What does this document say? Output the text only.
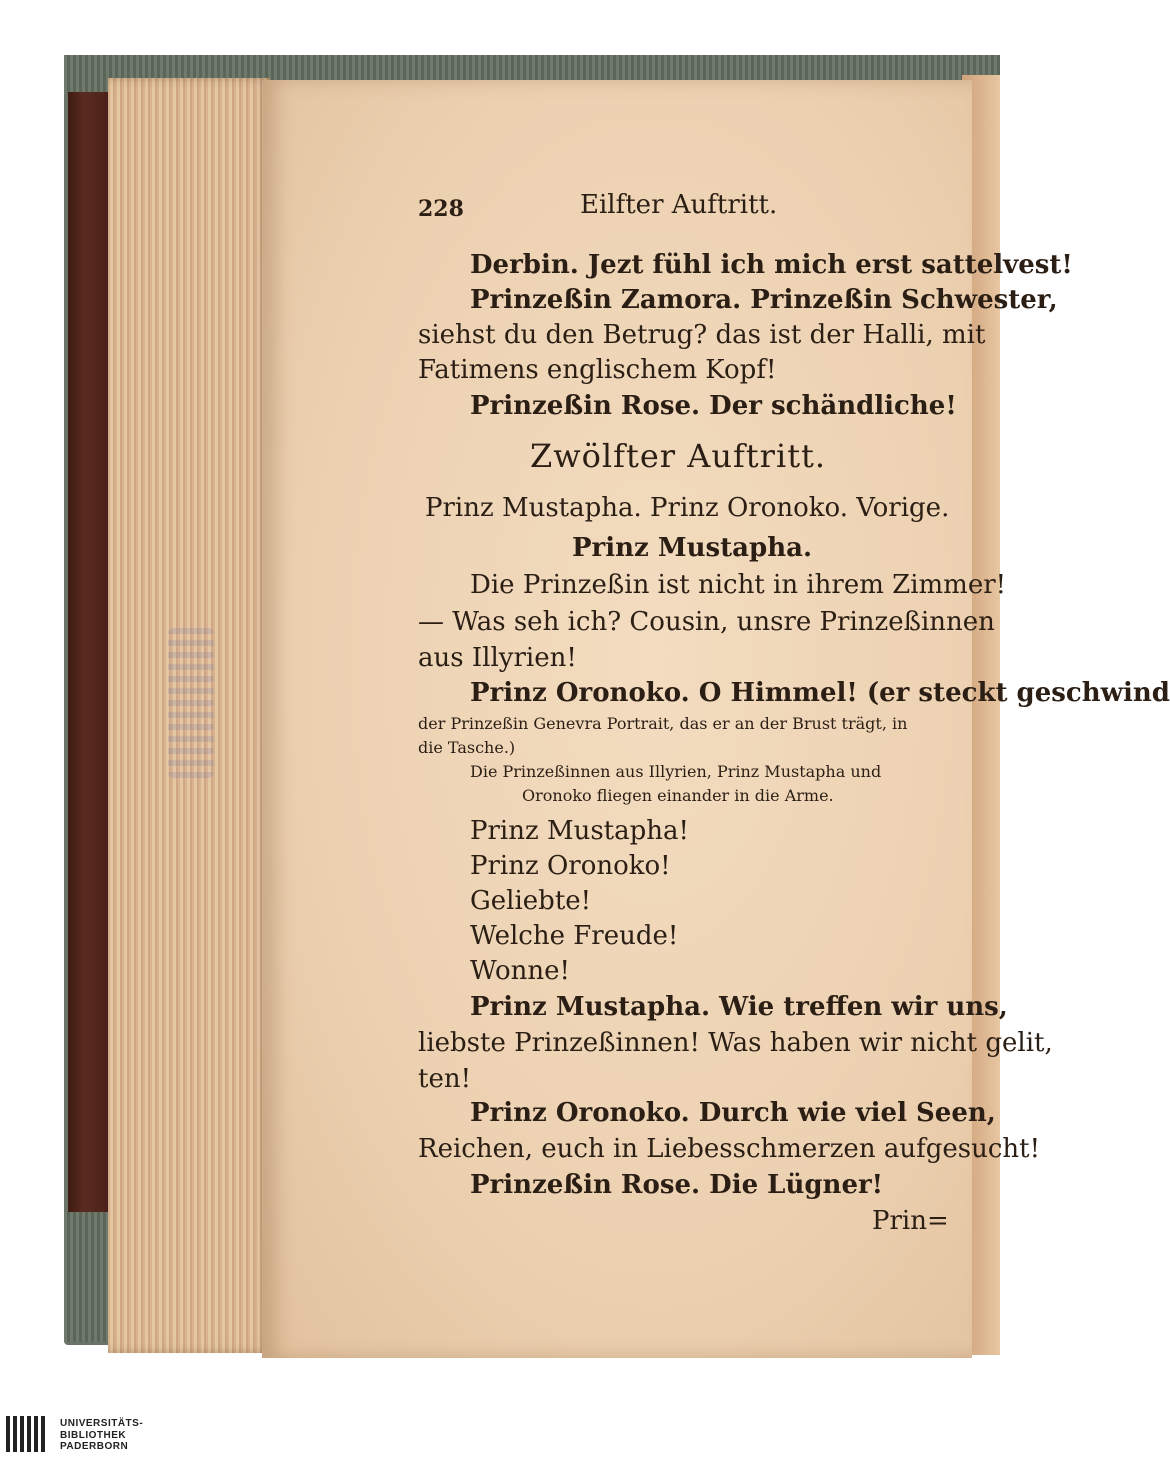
228	Eilfter Auftritt.
Derbin. Jezt fühl ich mich erst sattelvest!
Prinzeßin Zamora. Prinzeßin Schwester,
siehst du den Betrug? das ist der Halli, mit
Fatimens englischem Kopf!
Prinzeßin Rose. Der schändliche!
Zwölfter Auftritt.
Prinz Mustapha. Prinz Oronoko. Vorige.
Prinz Mustapha.
Die Prinzeßin ist nicht in ihrem Zimmer!
— Was seh ich? Cousin, unsre Prinzeßinnen
aus Illyrien!
Prinz Oronoko. O Himmel! (er steckt geschwind
der Prinzeßin Genevra Portrait, das er an der Brust trägt, in
die Tasche.)
Die Prinzeßinnen aus Illyrien, Prinz Mustapha und
Oronoko fliegen einander in die Arme.
Prinz Mustapha!
Prinz Oronoko!
Geliebte!
Welche Freude!
Wonne!
Prinz Mustapha. Wie treffen wir uns,
liebste Prinzeßinnen! Was haben wir nicht gelit,
ten!
Prinz Oronoko. Durch wie viel Seen,
Reichen, euch in Liebesschmerzen aufgesucht!
Prinzeßin Rose. Die Lügner!
Prin=
UNIVERSITÄTS-
BIBLIOTHEK
PADERBORN
